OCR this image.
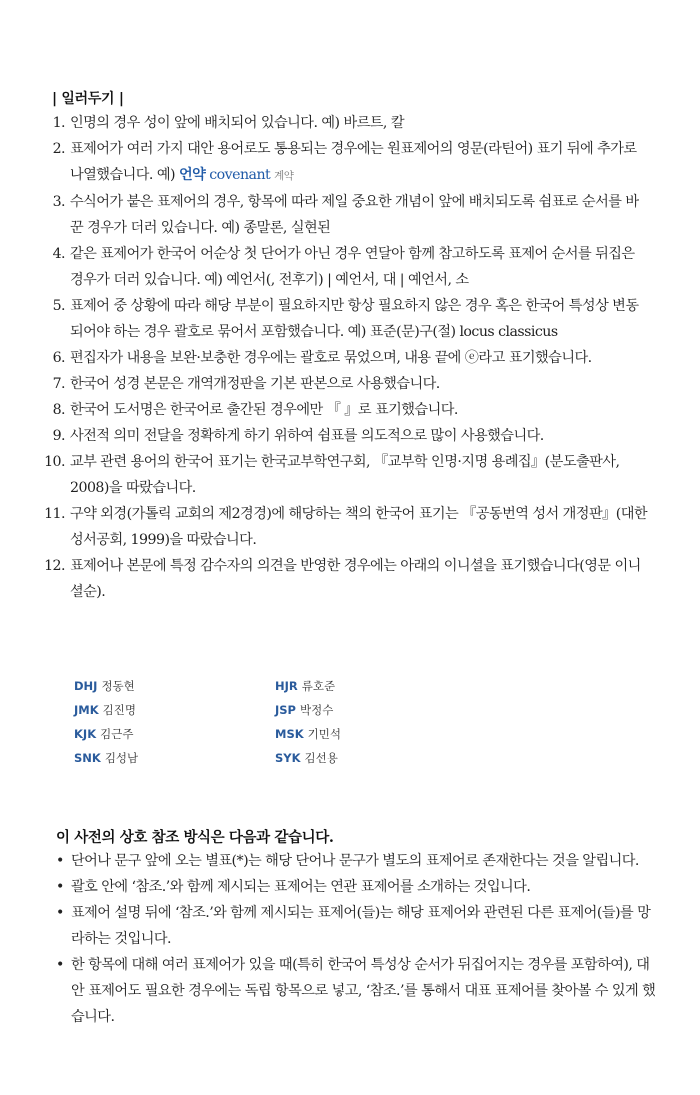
| 일러두기 |
1. 인명의 경우 성이 앞에 배치되어 있습니다. 예) 바르트, 칼
2. 표제어가 여러 가지 대안 용어로도 통용되는 경우에는 원표제어의 영문(라틴어) 표기 뒤에 추가로 나열했습니다. 예) 언약 covenant 계약
3. 수식어가 붙은 표제어의 경우, 항목에 따라 제일 중요한 개념이 앞에 배치되도록 쉼표로 순서를 바꾼 경우가 더러 있습니다. 예) 종말론, 실현된
4. 같은 표제어가 한국어 어순상 첫 단어가 아닌 경우 연달아 함께 참고하도록 표제어 순서를 뒤집은 경우가 더러 있습니다. 예) 예언서(, 전후기) | 예언서, 대 | 예언서, 소
5. 표제어 중 상황에 따라 해당 부분이 필요하지만 항상 필요하지 않은 경우 혹은 한국어 특성상 변동되어야 하는 경우 괄호로 묶어서 포함했습니다. 예) 표준(문)구(절) locus classicus
6. 편집자가 내용을 보완·보충한 경우에는 괄호로 묶었으며, 내용 끝에 ⓔ라고 표기했습니다.
7. 한국어 성경 본문은 개역개정판을 기본 판본으로 사용했습니다.
8. 한국어 도서명은 한국어로 출간된 경우에만 『 』로 표기했습니다.
9. 사전적 의미 전달을 정확하게 하기 위하여 쉼표를 의도적으로 많이 사용했습니다.
10. 교부 관련 용어의 한국어 표기는 한국교부학연구회, 『교부학 인명·지명 용례집』(분도출판사, 2008)을 따랐습니다.
11. 구약 외경(가톨릭 교회의 제2경경)에 해당하는 책의 한국어 표기는 『공동번역 성서 개정판』(대한성서공회, 1999)을 따랐습니다.
12. 표제어나 본문에 특정 감수자의 의견을 반영한 경우에는 아래의 이니셜을 표기했습니다(영문 이니셜순).
DHJ 정동현	HJR 류호준
JMK 김진명	JSP 박정수
KJK 김근주	MSK 기민석
SNK 김성남	SYK 김선용
이 사전의 상호 참조 방식은 다음과 같습니다.
• 단어나 문구 앞에 오는 별표(*)는 해당 단어나 문구가 별도의 표제어로 존재한다는 것을 알립니다.
• 괄호 안에 ‘참조.’와 함께 제시되는 표제어는 연관 표제어를 소개하는 것입니다.
• 표제어 설명 뒤에 ‘참조.’와 함께 제시되는 표제어(들)는 해당 표제어와 관련된 다른 표제어(들)를 망라하는 것입니다.
• 한 항목에 대해 여러 표제어가 있을 때(특히 한국어 특성상 순서가 뒤집어지는 경우를 포함하여), 대안 표제어도 필요한 경우에는 독립 항목으로 넣고, ‘참조.’를 통해서 대표 표제어를 찾아볼 수 있게 했습니다.
